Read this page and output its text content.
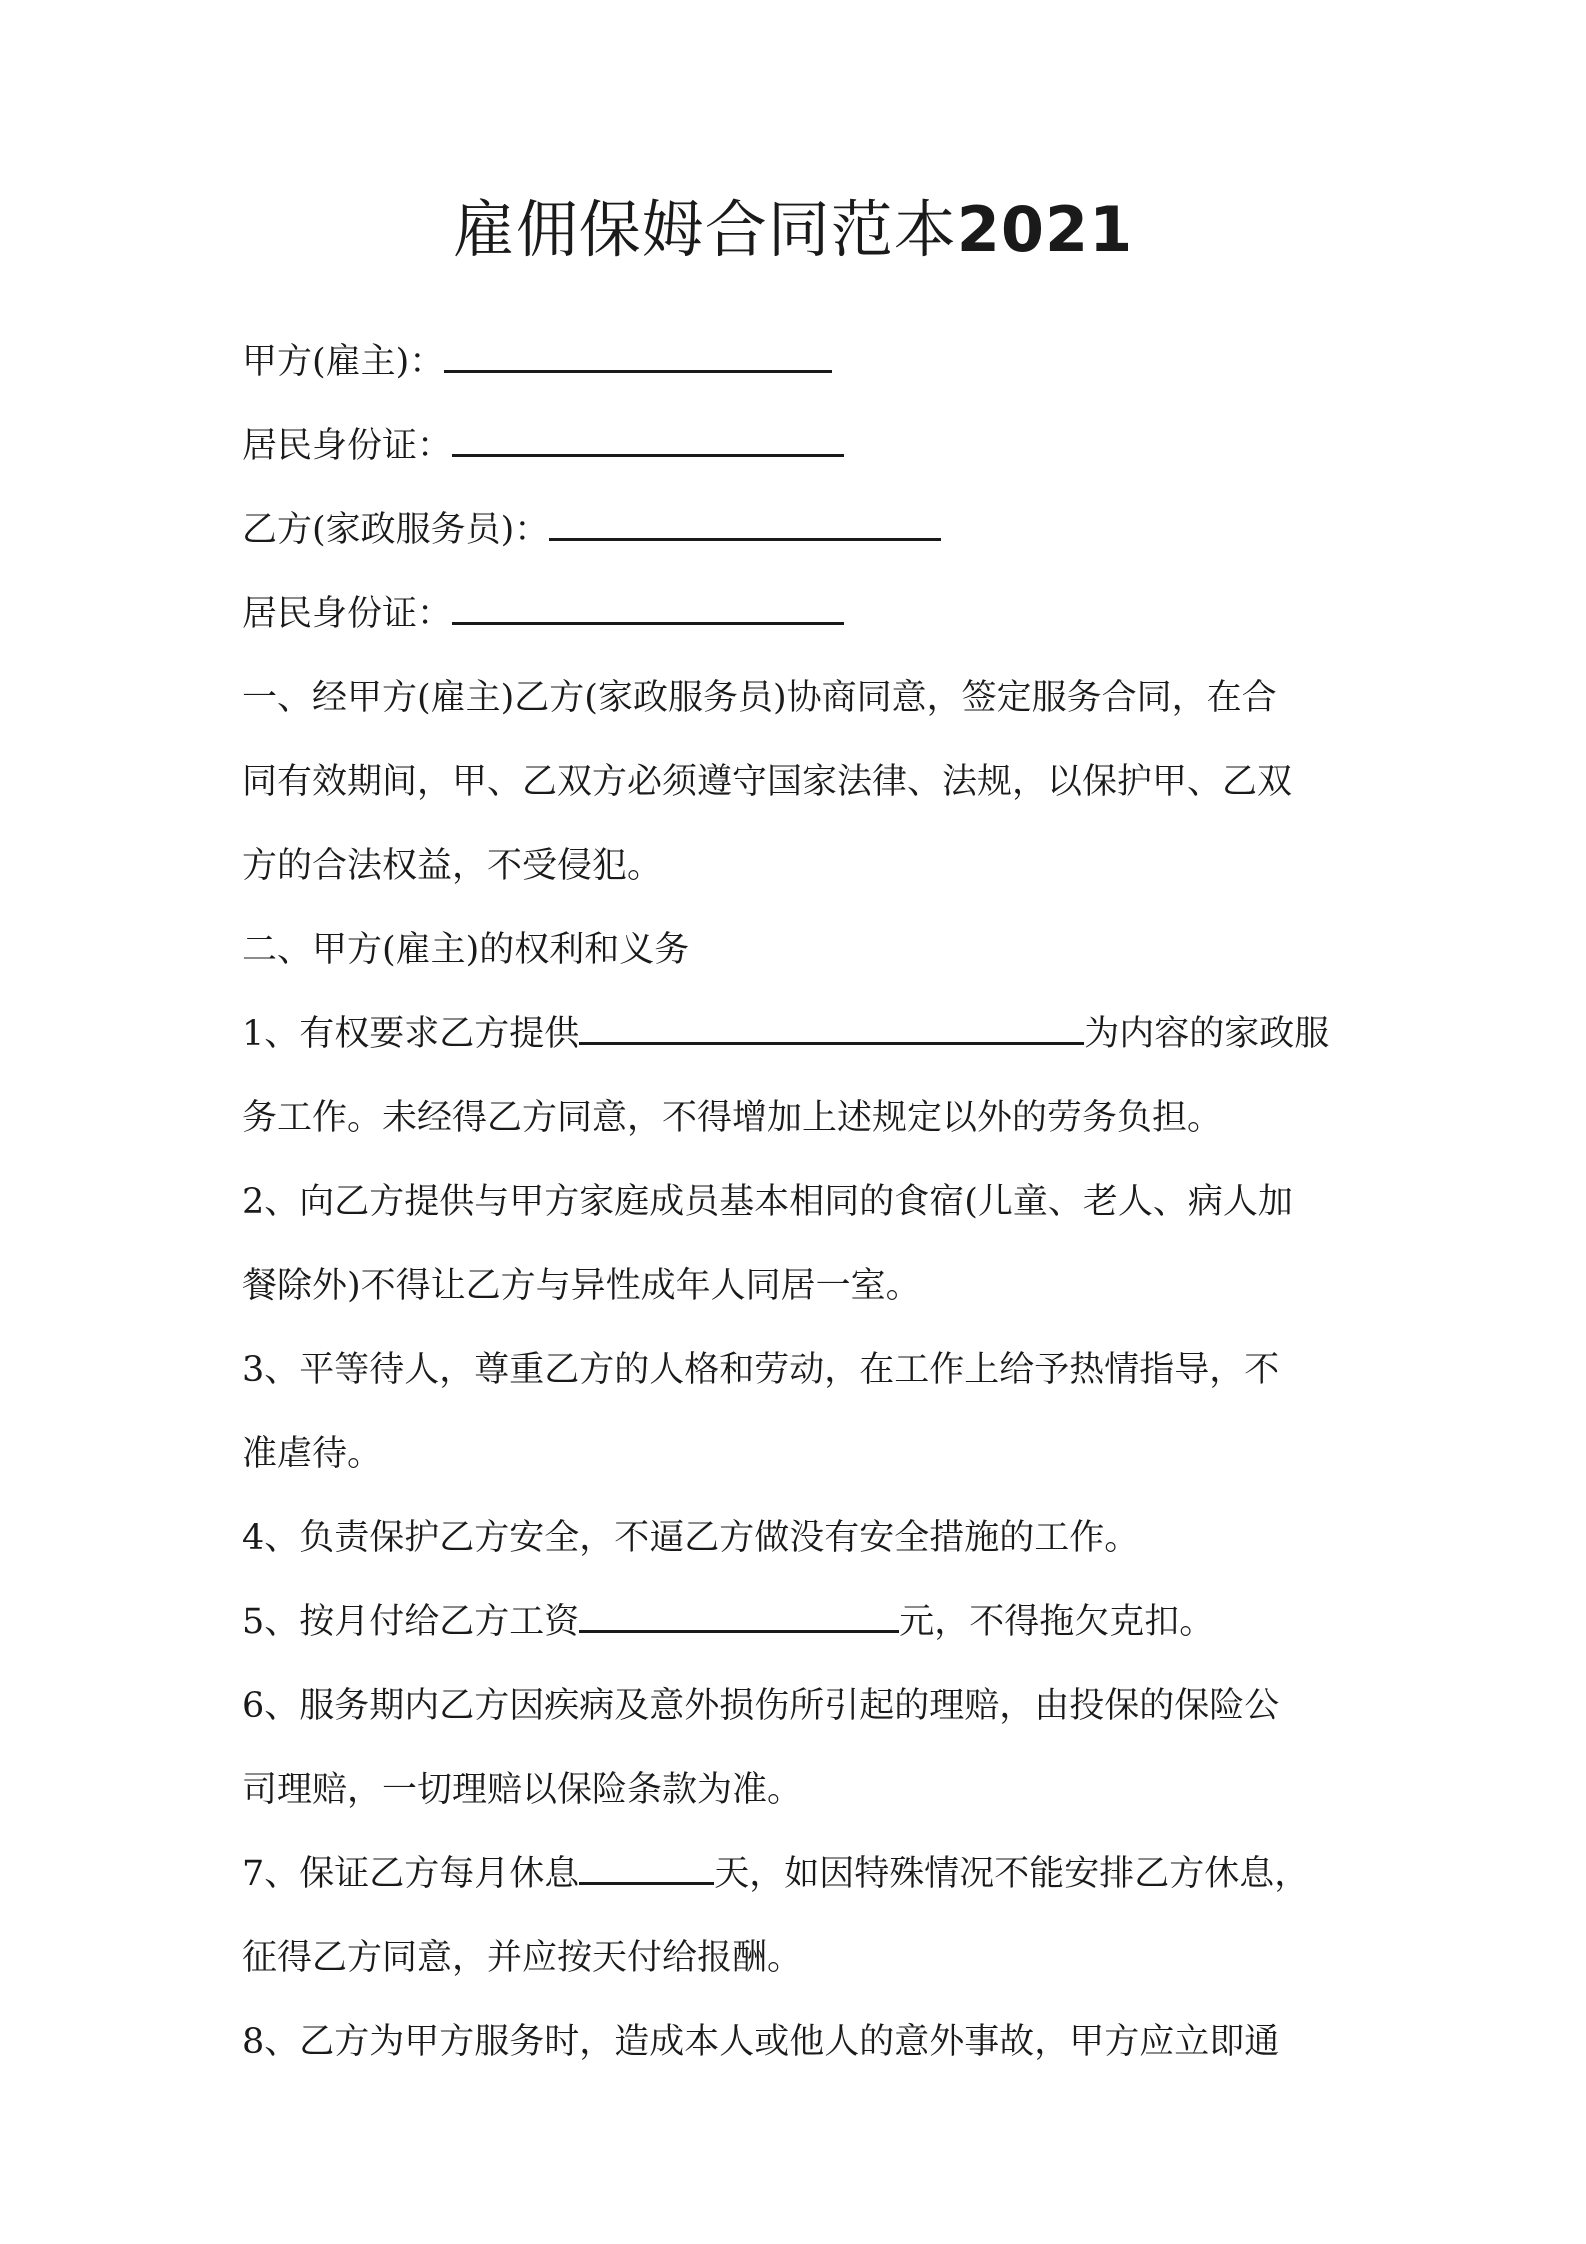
雇佣保姆合同范本2021
甲方(雇主)：
居民身份证：
乙方(家政服务员)：
居民身份证：
一、经甲方(雇主)乙方(家政服务员)协商同意，签定服务合同，在合
同有效期间，甲、乙双方必须遵守国家法律、法规，以保护甲、乙双
方的合法权益，不受侵犯。
二、甲方(雇主)的权利和义务
1、有权要求乙方提供	为内容的家政服
务工作。未经得乙方同意，不得增加上述规定以外的劳务负担。
2、向乙方提供与甲方家庭成员基本相同的食宿(儿童、老人、病人加
餐除外)不得让乙方与异性成年人同居一室。
3、平等待人，尊重乙方的人格和劳动，在工作上给予热情指导，不
准虐待。
4、负责保护乙方安全，不逼乙方做没有安全措施的工作。
5、按月付给乙方工资	元，不得拖欠克扣。
6、服务期内乙方因疾病及意外损伤所引起的理赔，由投保的保险公
司理赔，一切理赔以保险条款为准。
7、保证乙方每月休息	天，如因特殊情况不能安排乙方休息，
征得乙方同意，并应按天付给报酬。
8、乙方为甲方服务时，造成本人或他人的意外事故，甲方应立即通
